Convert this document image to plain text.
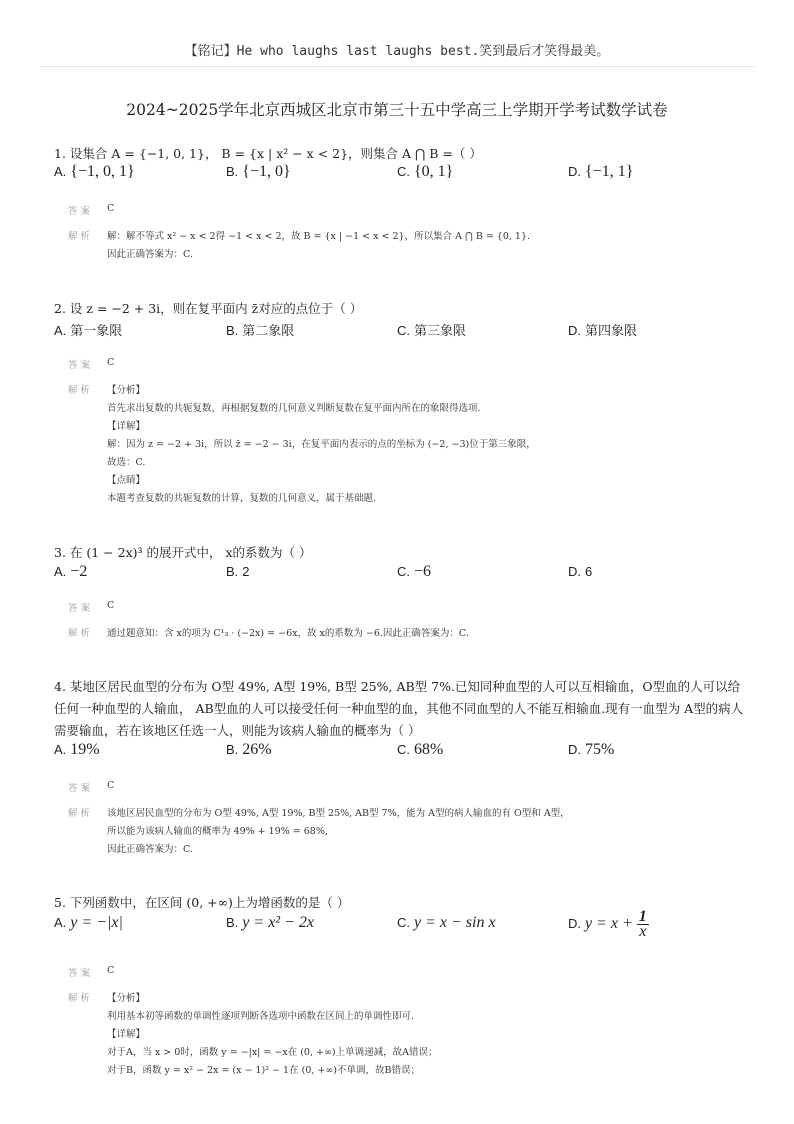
【铭记】He who laughs last laughs best.笑到最后才笑得最美。
2024~2025学年北京西城区北京市第三十五中学高三上学期开学考试数学试卷
1. 设集合 A = {−1, 0, 1}， B = {x | x² − x < 2}，则集合 A ⋂ B =（ ）
A. {−1, 0, 1}	B. {−1, 0}	C. {0, 1}	D. {−1, 1}
答案 C
解析 解：解不等式 x² − x < 2得 −1 < x < 2，故 B = {x | −1 < x < 2}，所以集合 A ⋂ B = {0, 1}.
因此正确答案为：C.
2. 设 z = −2 + 3i，则在复平面内 z̄对应的点位于（ ）
A. 第一象限	B. 第二象限	C. 第三象限	D. 第四象限
答案 C
解析 【分析】
首先求出复数的共轭复数，再根据复数的几何意义判断复数在复平面内所在的象限得选项.
【详解】
解：因为 z = −2 + 3i，所以 z̄ = −2 − 3i，在复平面内表示的点的坐标为 (−2, −3)位于第三象限，
故选：C.
【点睛】
本题考查复数的共轭复数的计算，复数的几何意义，属于基础题.
3. 在 (1 − 2x)³ 的展开式中， x的系数为（ ）
A. −2	B. 2	C. −6	D. 6
答案 C
解析 通过题意知：含 x的项为 C¹₃ · (−2x) = −6x，故 x的系数为 −6.因此正确答案为：C.
4. 某地区居民血型的分布为 O型 49%, A型 19%, B型 25%, AB型 7%.已知同种血型的人可以互相输血，O型血的人可以给任何一种血型的人输血， AB型血的人可以接受任何一种血型的血，其他不同血型的人不能互相输血.现有一血型为 A型的病人需要输血，若在该地区任选一人，则能为该病人输血的概率为（ ）
A. 19%	B. 26%	C. 68%	D. 75%
答案 C
解析 该地区居民血型的分布为 O型 49%, A型 19%, B型 25%, AB型 7%，能为 A型的病人输血的有 O型和 A型，
所以能为该病人输血的概率为 49% + 19% = 68%,
因此正确答案为：C.
5. 下列函数中，在区间 (0, +∞)上为增函数的是（ ）
A. y = −|x|	B. y = x² − 2x	C. y = x − sin x	D. $y = x + \frac{1}{x}$
答案 C
解析 【分析】
利用基本初等函数的单调性逐项判断各选项中函数在区间上的单调性即可.
【详解】
对于A，当 x > 0时，函数 y = −|x| = −x在 (0, +∞)上单调递减，故A错误；
对于B，函数 y = x² − 2x = (x − 1)² − 1在 (0, +∞)不单调，故B错误；
